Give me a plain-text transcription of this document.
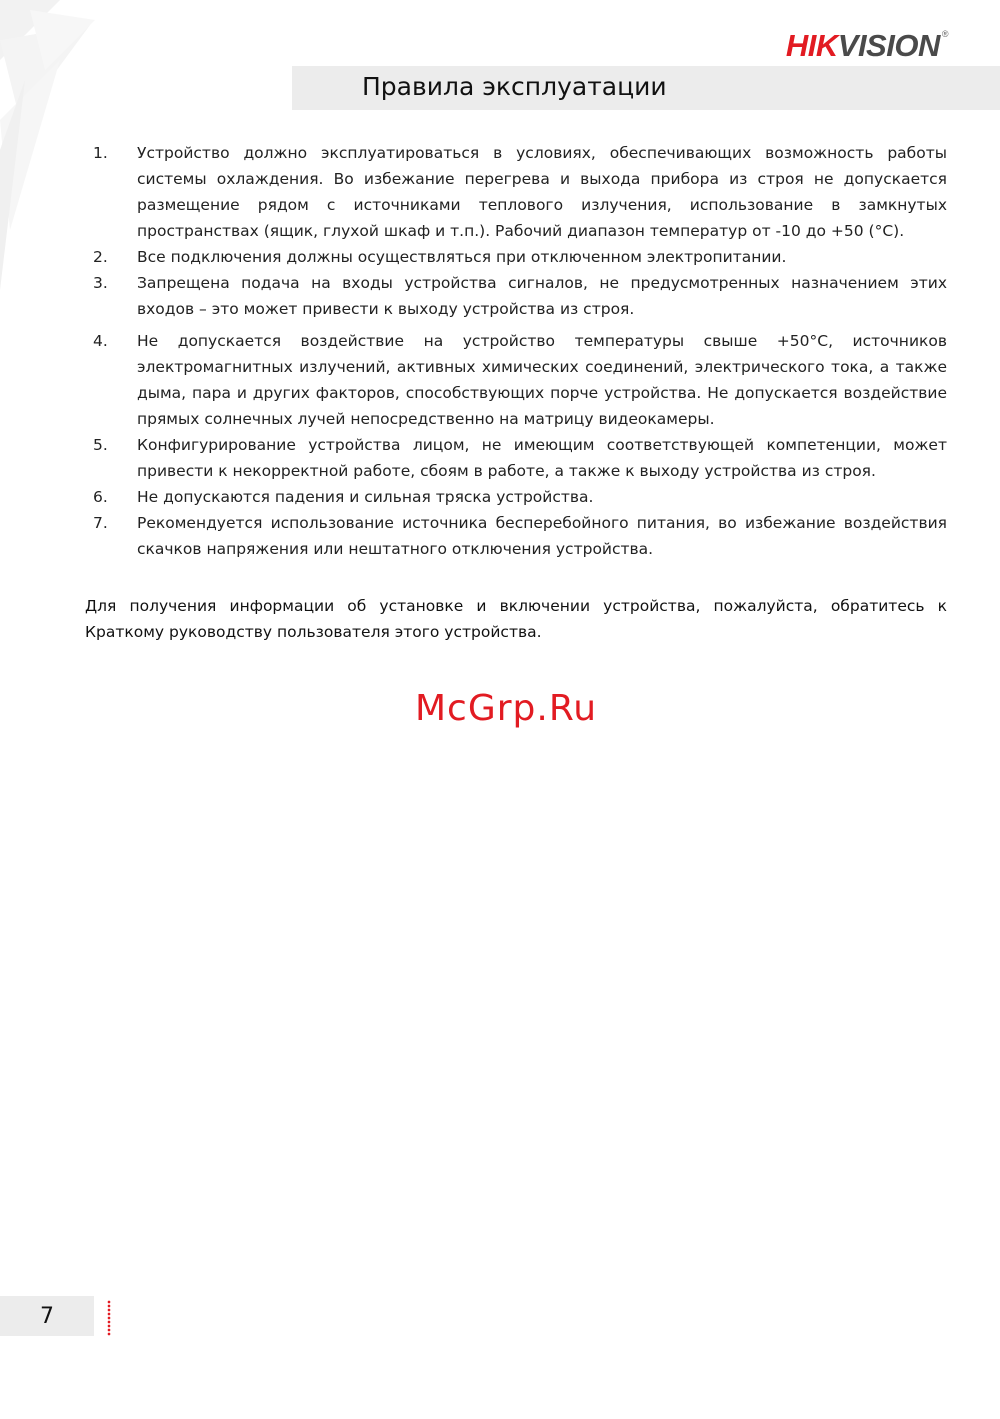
HIKVISION ®
Правила эксплуатации
1. Устройство должно эксплуатироваться в условиях, обеспечивающих возможность работы системы охлаждения. Во избежание перегрева и выхода прибора из строя не допускается размещение рядом с источниками теплового излучения, использование в замкнутых пространствах (ящик, глухой шкаф и т.п.). Рабочий диапазон температур от -10 до +50 (°С).
2. Все подключения должны осуществляться при отключенном электропитании.
3. Запрещена подача на входы устройства сигналов, не предусмотренных назначением этих входов – это может привести к выходу устройства из строя.
4. Не допускается воздействие на устройство температуры свыше +50°С, источников электромагнитных излучений, активных химических соединений, электрического тока, а также дыма, пара и других факторов, способствующих порче устройства. Не допускается воздействие прямых солнечных лучей непосредственно на матрицу видеокамеры.
5. Конфигурирование устройства лицом, не имеющим соответствующей компетенции, может привести к некорректной работе, сбоям в работе, а также к выходу устройства из строя.
6. Не допускаются падения и сильная тряска устройства.
7. Рекомендуется использование источника бесперебойного питания, во избежание воздействия скачков напряжения или нештатного отключения устройства.

Для получения информации об установке и включении устройства, пожалуйста, обратитесь к Краткому руководству пользователя этого устройства.

McGrp.Ru
7
